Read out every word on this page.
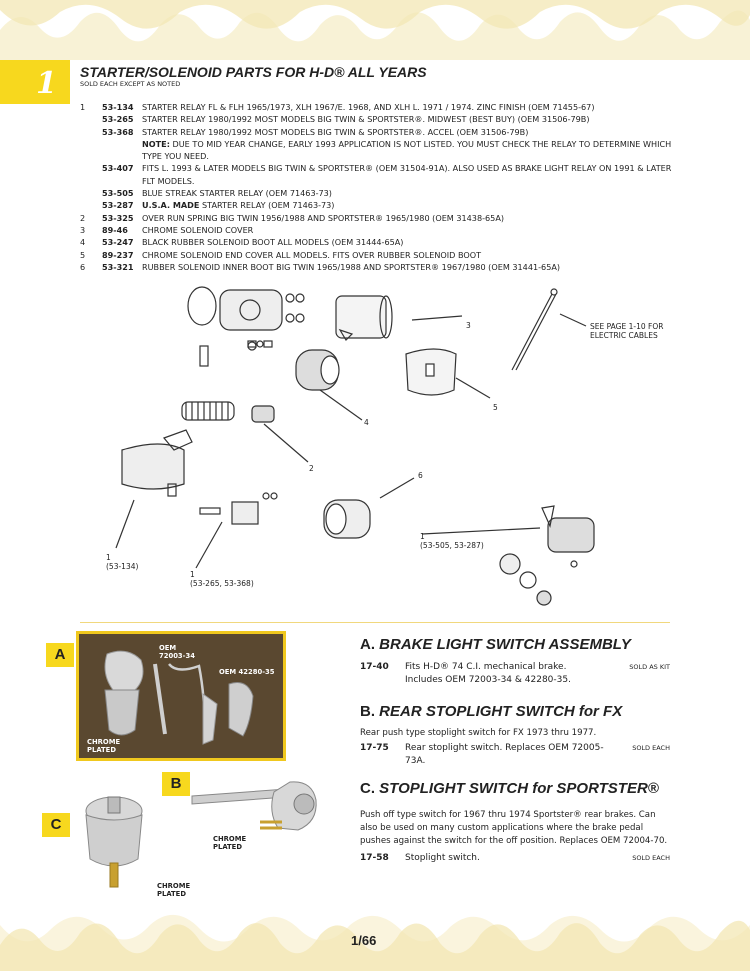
1 STARTER/SOLENOID PARTS FOR H-D® ALL YEARS
SOLD EACH EXCEPT AS NOTED
1	53-134	STARTER RELAY FL & FLH 1965/1973, XLH 1967/E. 1968, AND XLH L. 1971 / 1974. ZINC FINISH (OEM 71455-67)
53-265	STARTER RELAY 1980/1992 MOST MODELS BIG TWIN & SPORTSTER®. MIDWEST (BEST BUY) (OEM 31506-79B)
53-368	STARTER RELAY 1980/1992 MOST MODELS BIG TWIN & SPORTSTER®. ACCEL (OEM 31506-79B)
NOTE: DUE TO MID YEAR CHANGE, EARLY 1993 APPLICATION IS NOT LISTED. YOU MUST CHECK THE RELAY TO DETERMINE WHICH TYPE YOU NEED.
53-407	FITS L. 1993 & LATER MODELS BIG TWIN & SPORTSTER® (OEM 31504-91A). ALSO USED AS BRAKE LIGHT RELAY ON 1991 & LATER FLT MODELS.
53-505	BLUE STREAK STARTER RELAY (OEM 71463-73)
53-287	U.S.A. MADE STARTER RELAY (OEM 71463-73)
2	53-325	OVER RUN SPRING BIG TWIN 1956/1988 AND SPORTSTER® 1965/1980 (OEM 31438-65A)
3	89-46	CHROME SOLENOID COVER
4	53-247	BLACK RUBBER SOLENOID BOOT ALL MODELS (OEM 31444-65A)
5	89-237	CHROME SOLENOID END COVER ALL MODELS. FITS OVER RUBBER SOLENOID BOOT
6	53-321	RUBBER SOLENOID INNER BOOT BIG TWIN 1965/1988 AND SPORTSTER® 1967/1980 (OEM 31441-65A)
3
5
4
2
6
SEE PAGE 1-10 FOR ELECTRIC CABLES
1
(53-134)
1
(53-265, 53-368)
1
(53-505, 53-287)
A	OEM
72003-34
OEM 42280-35
CHROME
PLATED
B
CHROME
PLATED
C
CHROME
PLATED
A. BRAKE LIGHT SWITCH ASSEMBLY
17-40 Fits H-D® 74 C.I. mechanical brake. Includes OEM 72003-34 & 42280-35.
SOLD AS KIT
B. REAR STOPLIGHT SWITCH for FX
Rear push type stoplight switch for FX 1973 thru 1977.
17-75 Rear stoplight switch. Replaces OEM 72005-73A.
SOLD EACH
C. STOPLIGHT SWITCH for SPORTSTER®
Push off type switch for 1967 thru 1974 Sportster® rear brakes. Can also be used on many custom applications where the brake pedal pushes against the switch for the off position. Replaces OEM 72004-70.
17-58 Stoplight switch.	SOLD EACH
1/66
